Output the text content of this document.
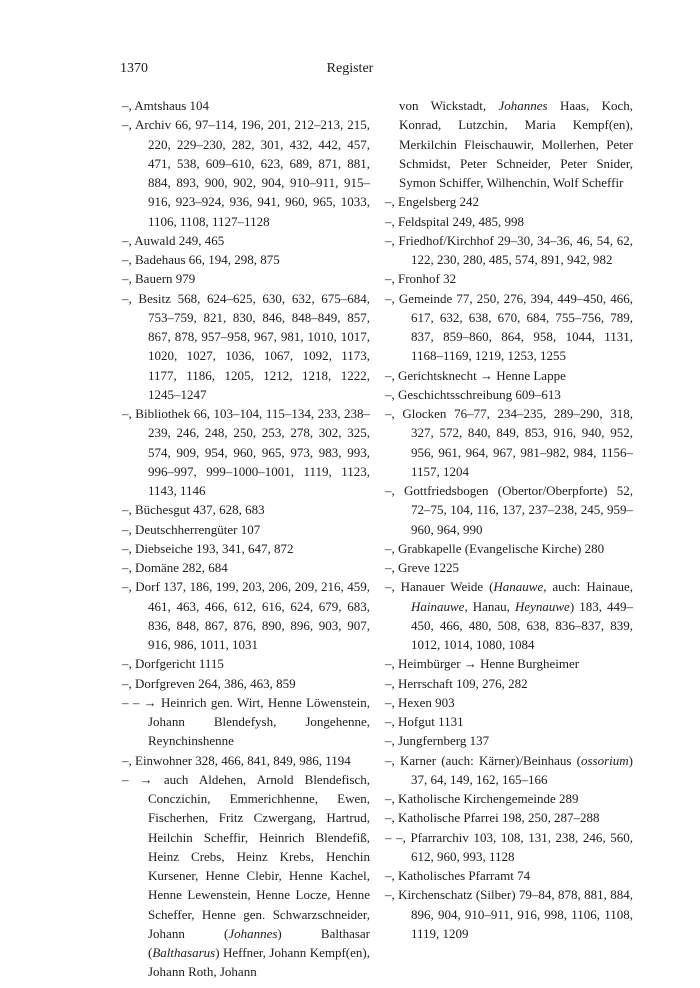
1370	Register
–, Amtshaus 104
–, Archiv 66, 97–114, 196, 201, 212–213, 215, 220, 229–230, 282, 301, 432, 442, 457, 471, 538, 609–610, 623, 689, 871, 881, 884, 893, 900, 902, 904, 910–911, 915–916, 923–924, 936, 941, 960, 965, 1033, 1106, 1108, 1127–1128
–, Auwald 249, 465
–, Badehaus 66, 194, 298, 875
–, Bauern 979
–, Besitz 568, 624–625, 630, 632, 675–684, 753–759, 821, 830, 846, 848–849, 857, 867, 878, 957–958, 967, 981, 1010, 1017, 1020, 1027, 1036, 1067, 1092, 1173, 1177, 1186, 1205, 1212, 1218, 1222, 1245–1247
–, Bibliothek 66, 103–104, 115–134, 233, 238–239, 246, 248, 250, 253, 278, 302, 325, 574, 909, 954, 960, 965, 973, 983, 993, 996–997, 999–1000–1001, 1119, 1123, 1143, 1146
–, Büchesgut 437, 628, 683
–, Deutschherrengüter 107
–, Diebseiche 193, 341, 647, 872
–, Domäne 282, 684
–, Dorf 137, 186, 199, 203, 206, 209, 216, 459, 461, 463, 466, 612, 616, 624, 679, 683, 836, 848, 867, 876, 890, 896, 903, 907, 916, 986, 1011, 1031
–, Dorfgericht 1115
–, Dorfgreven 264, 386, 463, 859
– – → Heinrich gen. Wirt, Henne Löwenstein, Johann Blendefysh, Jongehenne, Reynchinshenne
–, Einwohner 328, 466, 841, 849, 986, 1194
– → auch Aldehen, Arnold Blendefisch, Conczichin, Emmerichhenne, Ewen, Fischerhen, Fritz Czwergang, Hartrud, Heilchin Scheffir, Heinrich Blendefiß, Heinz Crebs, Heinz Krebs, Henchin Kursener, Henne Clebir, Henne Kachel, Henne Lewenstein, Henne Locze, Henne Scheffer, Henne gen. Schwarzschneider, Johann (Johannes) Balthasar (Balthasarus) Heffner, Johann Kempf(en), Johann Roth, Johann
von Wickstadt, Johannes Haas, Koch, Konrad, Lutzchin, Maria Kempf(en), Merkilchin Fleischauwir, Mollerhen, Peter Schmidst, Peter Schneider, Peter Snider, Symon Schiffer, Wilhenchin, Wolf Scheffir
–, Engelsberg 242
–, Feldspital 249, 485, 998
–, Friedhof/Kirchhof 29–30, 34–36, 46, 54, 62, 122, 230, 280, 485, 574, 891, 942, 982
–, Fronhof 32
–, Gemeinde 77, 250, 276, 394, 449–450, 466, 617, 632, 638, 670, 684, 755–756, 789, 837, 859–860, 864, 958, 1044, 1131, 1168–1169, 1219, 1253, 1255
–, Gerichtsknecht → Henne Lappe
–, Geschichtsschreibung 609–613
–, Glocken 76–77, 234–235, 289–290, 318, 327, 572, 840, 849, 853, 916, 940, 952, 956, 961, 964, 967, 981–982, 984, 1156–1157, 1204
–, Gottfriedsbogen (Obertor/Oberpforte) 52, 72–75, 104, 116, 137, 237–238, 245, 959–960, 964, 990
–, Grabkapelle (Evangelische Kirche) 280
–, Greve 1225
–, Hanauer Weide (Hanauwe, auch: Hainaue, Hainauwe, Hanau, Heynauwe) 183, 449–450, 466, 480, 508, 638, 836–837, 839, 1012, 1014, 1080, 1084
–, Heimbürger → Henne Burgheimer
–, Herrschaft 109, 276, 282
–, Hexen 903
–, Hofgut 1131
–, Jungfernberg 137
–, Karner (auch: Kärner)/Beinhaus (ossorium) 37, 64, 149, 162, 165–166
–, Katholische Kirchengemeinde 289
–, Katholische Pfarrei 198, 250, 287–288
– –, Pfarrarchiv 103, 108, 131, 238, 246, 560, 612, 960, 993, 1128
–, Katholisches Pfarramt 74
–, Kirchenschatz (Silber) 79–84, 878, 881, 884, 896, 904, 910–911, 916, 998, 1106, 1108, 1119, 1209
